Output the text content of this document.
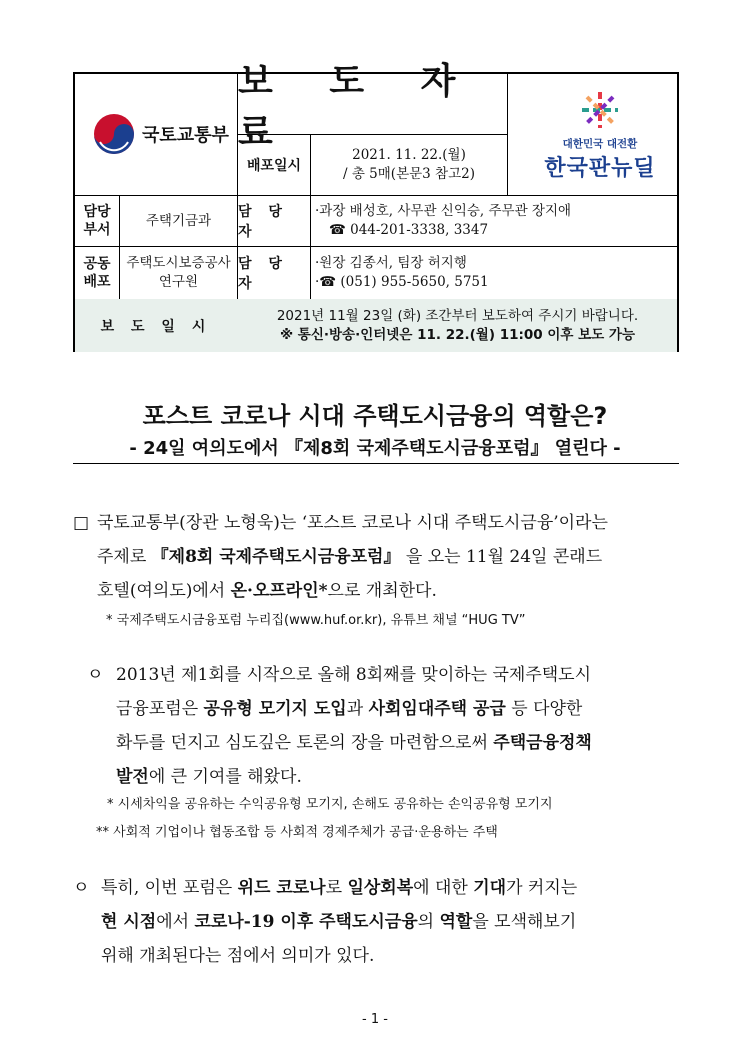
국토교통부
보 도 자 료
배포일시
2021. 11. 22.(월)
/ 총 5매(본문3 참고2)
대한민국 대전환
한국판뉴딜
담당
부서
주택기금과
담 당 자
·과장 배성호, 사무관 신익승, 주무관 장지애
☎ 044-201-3338, 3347
공동
배포
주택도시보증공사
연구원
담 당 자
·원장 김종서, 팀장 허지행
·☎ (051) 955-5650, 5751
보 도 일 시
2021년 11월 23일 (화) 조간부터 보도하여 주시기 바랍니다.
※ 통신·방송·인터넷은 11. 22.(월) 11:00 이후 보도 가능
포스트 코로나 시대 주택도시금융의 역할은?
- 24일 여의도에서 『제8회 국제주택도시금융포럼』 열린다 -
□ 국토교통부(장관 노형욱)는 ‘포스트 코로나 시대 주택도시금융’이라는
주제로 『제8회 국제주택도시금융포럼』 을 오는 11월 24일 콘래드
호텔(여의도)에서 온·오프라인*으로 개최한다.
* 국제주택도시금융포럼 누리집(www.huf.or.kr), 유튜브 채널 “HUG TV”
ㅇ 2013년 제1회를 시작으로 올해 8회째를 맞이하는 국제주택도시
금융포럼은 공유형 모기지 도입과 사회임대주택 공급 등 다양한
화두를 던지고 심도깊은 토론의 장을 마련함으로써 주택금융정책
발전에 큰 기여를 해왔다.
* 시세차익을 공유하는 수익공유형 모기지, 손해도 공유하는 손익공유형 모기지
** 사회적 기업이나 협동조합 등 사회적 경제주체가 공급·운용하는 주택
ㅇ 특히, 이번 포럼은 위드 코로나로 일상회복에 대한 기대가 커지는
현 시점에서 코로나-19 이후 주택도시금융의 역할을 모색해보기
위해 개최된다는 점에서 의미가 있다.
- 1 -
